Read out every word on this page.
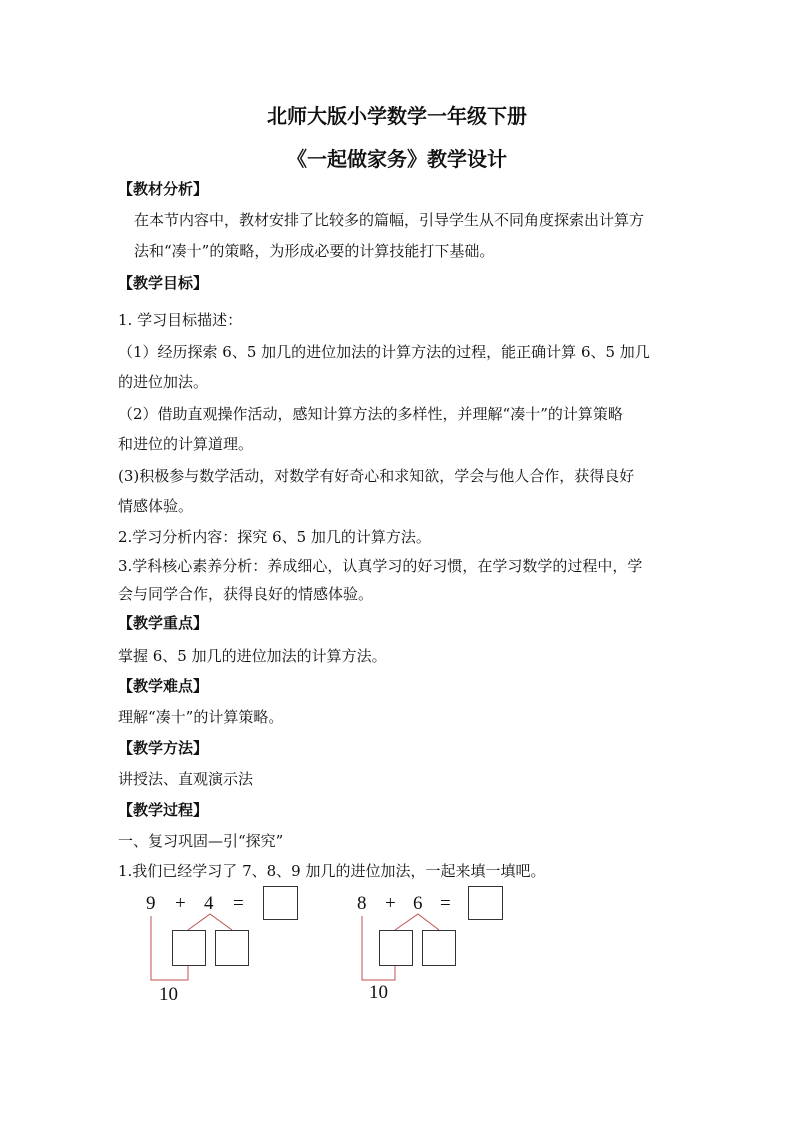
北师大版小学数学一年级下册
《一起做家务》教学设计
【教材分析】
在本节内容中，教材安排了比较多的篇幅，引导学生从不同角度探索出计算方
法和“凑十”的策略，为形成必要的计算技能打下基础。
【教学目标】
1. 学习目标描述：
（1）经历探索 6、5 加几的进位加法的计算方法的过程，能正确计算 6、5 加几
的进位加法。
（2）借助直观操作活动，感知计算方法的多样性，并理解“凑十”的计算策略
和进位的计算道理。
(3)积极参与数学活动，对数学有好奇心和求知欲，学会与他人合作，获得良好
情感体验。
2.学习分析内容：探究 6、5 加几的计算方法。
3.学科核心素养分析：养成细心，认真学习的好习惯，在学习数学的过程中，学
会与同学合作，获得良好的情感体验。
【教学重点】
掌握 6、5 加几的进位加法的计算方法。
【教学难点】
理解“凑十”的计算策略。
【教学方法】
讲授法、直观演示法
【教学过程】
一、复习巩固—引“探究”
1.我们已经学习了 7、8、9 加几的进位加法，一起来填一填吧。
9 + 4 =
10
8 + 6 =
10
